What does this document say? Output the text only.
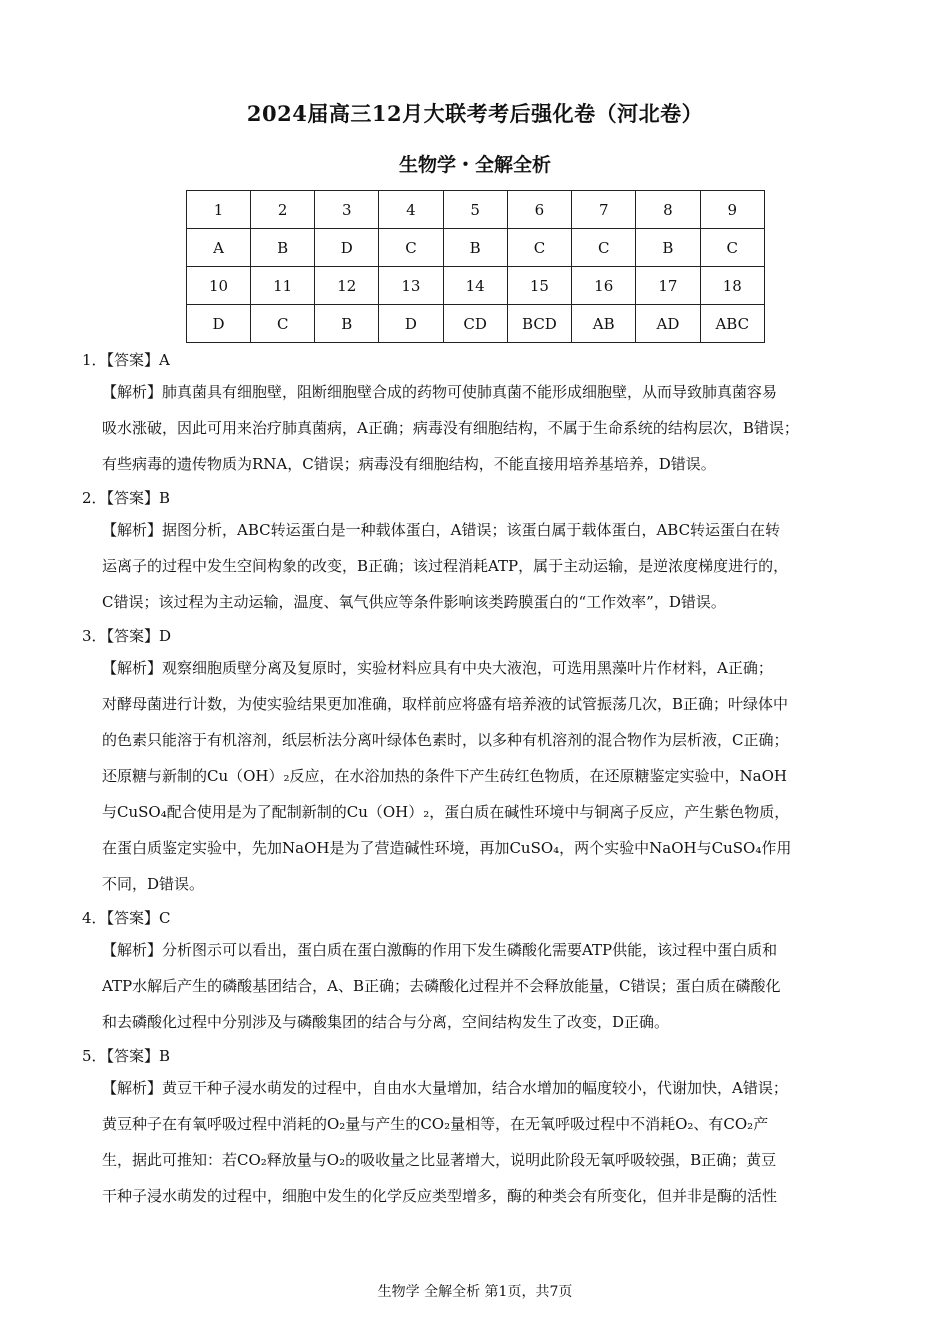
2024届高三12月大联考考后强化卷（河北卷）
生物学・全解全析
1	2	3	4	5	6	7	8	9
A	B	D	C	B	C	C	B	C
10	11	12	13	14	15	16	17	18
D	C	B	D	CD	BCD	AB	AD	ABC
1．【答案】A
【解析】肺真菌具有细胞壁，阻断细胞壁合成的药物可使肺真菌不能形成细胞壁，从而导致肺真菌容易
吸水涨破，因此可用来治疗肺真菌病，A正确；病毒没有细胞结构，不属于生命系统的结构层次，B错误；
有些病毒的遗传物质为RNA，C错误；病毒没有细胞结构，不能直接用培养基培养，D错误。
2．【答案】B
【解析】据图分析，ABC转运蛋白是一种载体蛋白，A错误；该蛋白属于载体蛋白，ABC转运蛋白在转
运离子的过程中发生空间构象的改变，B正确；该过程消耗ATP，属于主动运输，是逆浓度梯度进行的，
C错误；该过程为主动运输，温度、氧气供应等条件影响该类跨膜蛋白的“工作效率”，D错误。
3．【答案】D
【解析】观察细胞质壁分离及复原时，实验材料应具有中央大液泡，可选用黑藻叶片作材料，A正确；
对酵母菌进行计数，为使实验结果更加准确，取样前应将盛有培养液的试管振荡几次，B正确；叶绿体中
的色素只能溶于有机溶剂，纸层析法分离叶绿体色素时，以多种有机溶剂的混合物作为层析液，C正确；
还原糖与新制的Cu（OH）₂反应，在水浴加热的条件下产生砖红色物质，在还原糖鉴定实验中，NaOH
与CuSO₄配合使用是为了配制新制的Cu（OH）₂，蛋白质在碱性环境中与铜离子反应，产生紫色物质，
在蛋白质鉴定实验中，先加NaOH是为了营造碱性环境，再加CuSO₄，两个实验中NaOH与CuSO₄作用
不同，D错误。
4．【答案】C
【解析】分析图示可以看出，蛋白质在蛋白激酶的作用下发生磷酸化需要ATP供能，该过程中蛋白质和
ATP水解后产生的磷酸基团结合，A、B正确；去磷酸化过程并不会释放能量，C错误；蛋白质在磷酸化
和去磷酸化过程中分别涉及与磷酸集团的结合与分离，空间结构发生了改变，D正确。
5．【答案】B
【解析】黄豆干种子浸水萌发的过程中，自由水大量增加，结合水增加的幅度较小，代谢加快，A错误；
黄豆种子在有氧呼吸过程中消耗的O₂量与产生的CO₂量相等，在无氧呼吸过程中不消耗O₂、有CO₂产
生，据此可推知：若CO₂释放量与O₂的吸收量之比显著增大，说明此阶段无氧呼吸较强，B正确；黄豆
干种子浸水萌发的过程中，细胞中发生的化学反应类型增多，酶的种类会有所变化，但并非是酶的活性
生物学 全解全析 第1页，共7页
